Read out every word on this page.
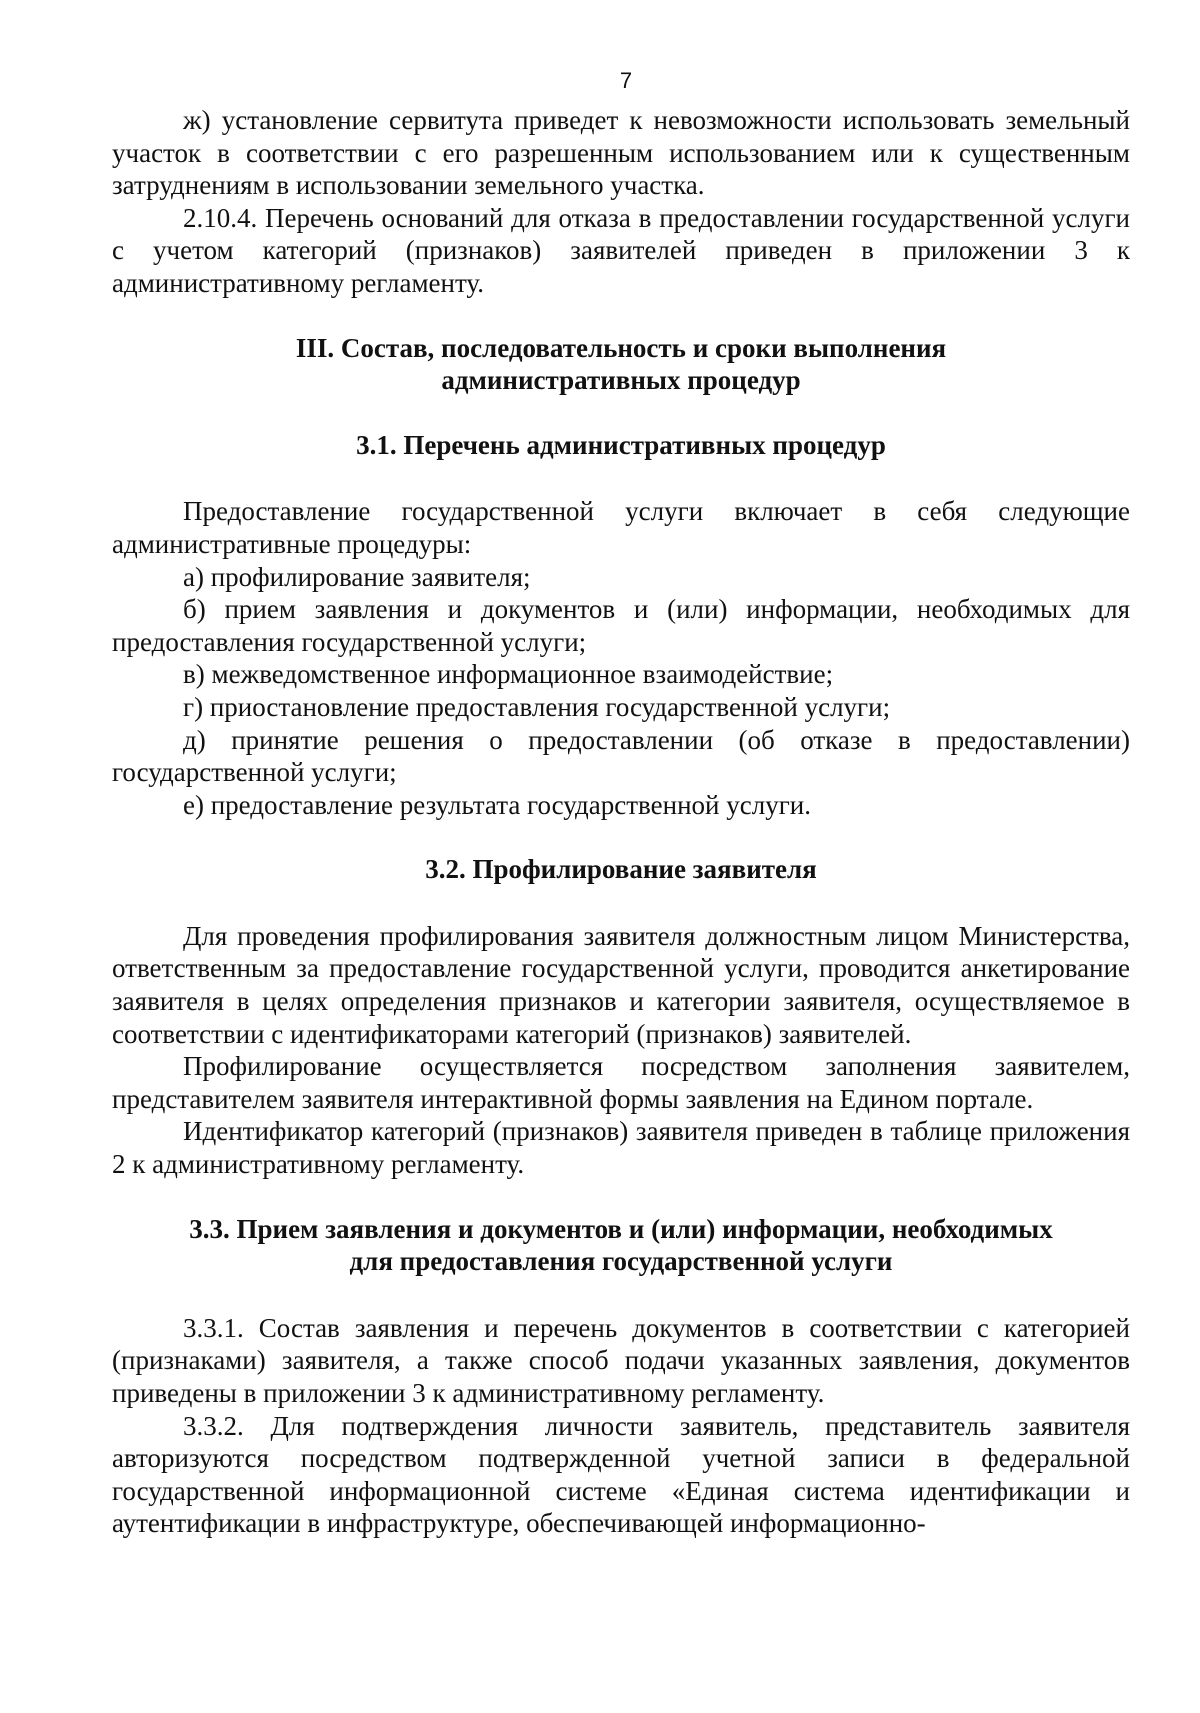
7

ж) установление сервитута приведет к невозможности использовать земельный участок в соответствии с его разрешенным использованием или к существенным затруднениям в использовании земельного участка.

2.10.4. Перечень оснований для отказа в предоставлении государственной услуги с учетом категорий (признаков) заявителей приведен в приложении 3 к административному регламенту.

III. Состав, последовательность и сроки выполнения
административных процедур
3.1. Перечень административных процедур

Предоставление государственной услуги включает в себя следующие административные процедуры:

а) профилирование заявителя;

б) прием заявления и документов и (или) информации, необходимых для предоставления государственной услуги;

в) межведомственное информационное взаимодействие;

г) приостановление предоставления государственной услуги;

д) принятие решения о предоставлении (об отказе в предоставлении) государственной услуги;

е) предоставление результата государственной услуги.

3.2. Профилирование заявителя

Для проведения профилирования заявителя должностным лицом Министерства, ответственным за предоставление государственной услуги, проводится анкетирование заявителя в целях определения признаков и категории заявителя, осуществляемое в соответствии с идентификаторами категорий (признаков) заявителей.

Профилирование осуществляется посредством заполнения заявителем, представителем заявителя интерактивной формы заявления на Едином портале.

Идентификатор категорий (признаков) заявителя приведен в таблице приложения 2 к административному регламенту.

3.3. Прием заявления и документов и (или) информации, необходимых
для предоставления государственной услуги

3.3.1. Состав заявления и перечень документов в соответствии с категорией (признаками) заявителя, а также способ подачи указанных заявления, документов приведены в приложении 3 к административному регламенту.

3.3.2. Для подтверждения личности заявитель, представитель заявителя авторизуются посредством подтвержденной учетной записи в федеральной государственной информационной системе «Единая система идентификации и аутентификации в инфраструктуре, обеспечивающей информационно-
